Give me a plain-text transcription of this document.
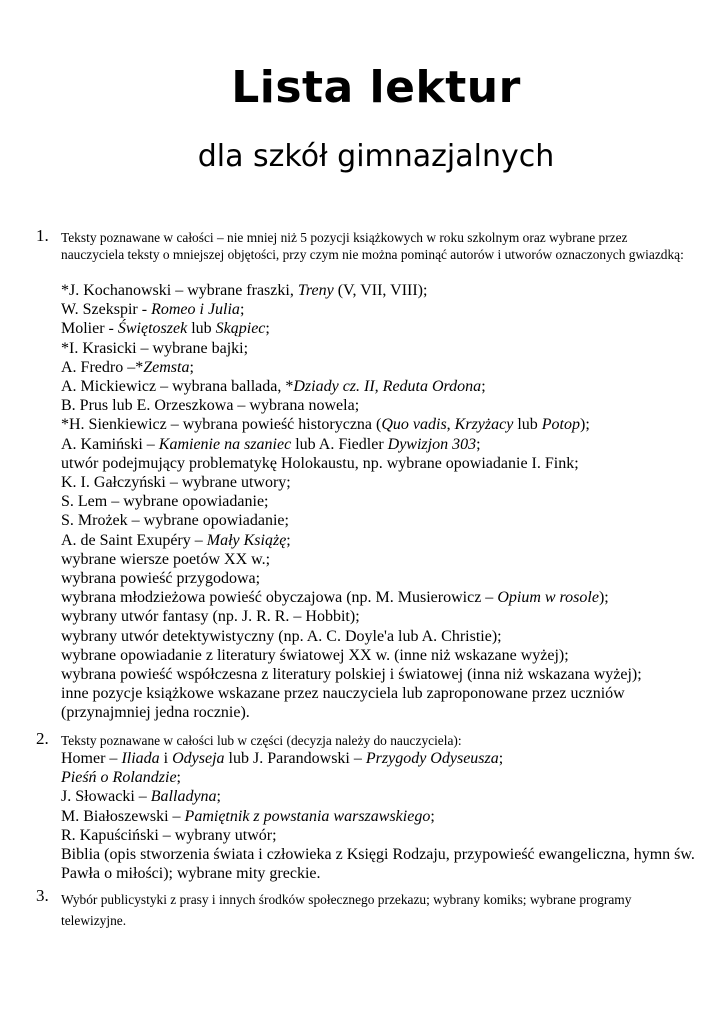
Lista lektur
dla szkół gimnazjalnych
1. Teksty poznawane w całości – nie mniej niż 5 pozycji książkowych w roku szkolnym oraz wybrane przez nauczyciela teksty o mniejszej objętości, przy czym nie można pominąć autorów i utworów oznaczonych gwiazdką:
*J. Kochanowski – wybrane fraszki, Treny (V, VII, VIII);
W. Szekspir - Romeo i Julia;
Molier - Świętoszek lub Skąpiec;
*I. Krasicki – wybrane bajki;
A. Fredro –*Zemsta;
A. Mickiewicz – wybrana ballada, *Dziady cz. II, Reduta Ordona;
B. Prus lub E. Orzeszkowa – wybrana nowela;
*H. Sienkiewicz – wybrana powieść historyczna (Quo vadis, Krzyżacy lub Potop);
A. Kamiński – Kamienie na szaniec lub A. Fiedler Dywizjon 303;
utwór podejmujący problematykę Holokaustu, np. wybrane opowiadanie I. Fink;
K. I. Gałczyński – wybrane utwory;
S. Lem – wybrane opowiadanie;
S. Mrożek – wybrane opowiadanie;
A. de Saint Exupéry – Mały Książę;
wybrane wiersze poetów XX w.;
wybrana powieść przygodowa;
wybrana młodzieżowa powieść obyczajowa (np. M. Musierowicz – Opium w rosole);
wybrany utwór fantasy (np. J. R. R. – Hobbit);
wybrany utwór detektywistyczny (np. A. C. Doyle'a lub A. Christie);
wybrane opowiadanie z literatury światowej XX w. (inne niż wskazane wyżej);
wybrana powieść współczesna z literatury polskiej i światowej (inna niż wskazana wyżej);
inne pozycje książkowe wskazane przez nauczyciela lub zaproponowane przez uczniów (przynajmniej jedna rocznie).
2. Teksty poznawane w całości lub w części (decyzja należy do nauczyciela):
Homer – Iliada i Odyseja lub J. Parandowski – Przygody Odyseusza;
Pieśń o Rolandzie;
J. Słowacki – Balladyna;
M. Białoszewski – Pamiętnik z powstania warszawskiego;
R. Kapuściński – wybrany utwór;
Biblia (opis stworzenia świata i człowieka z Księgi Rodzaju, przypowieść ewangeliczna, hymn św. Pawła o miłości); wybrane mity greckie.
3. Wybór publicystyki z prasy i innych środków społecznego przekazu; wybrany komiks; wybrane programy telewizyjne.
